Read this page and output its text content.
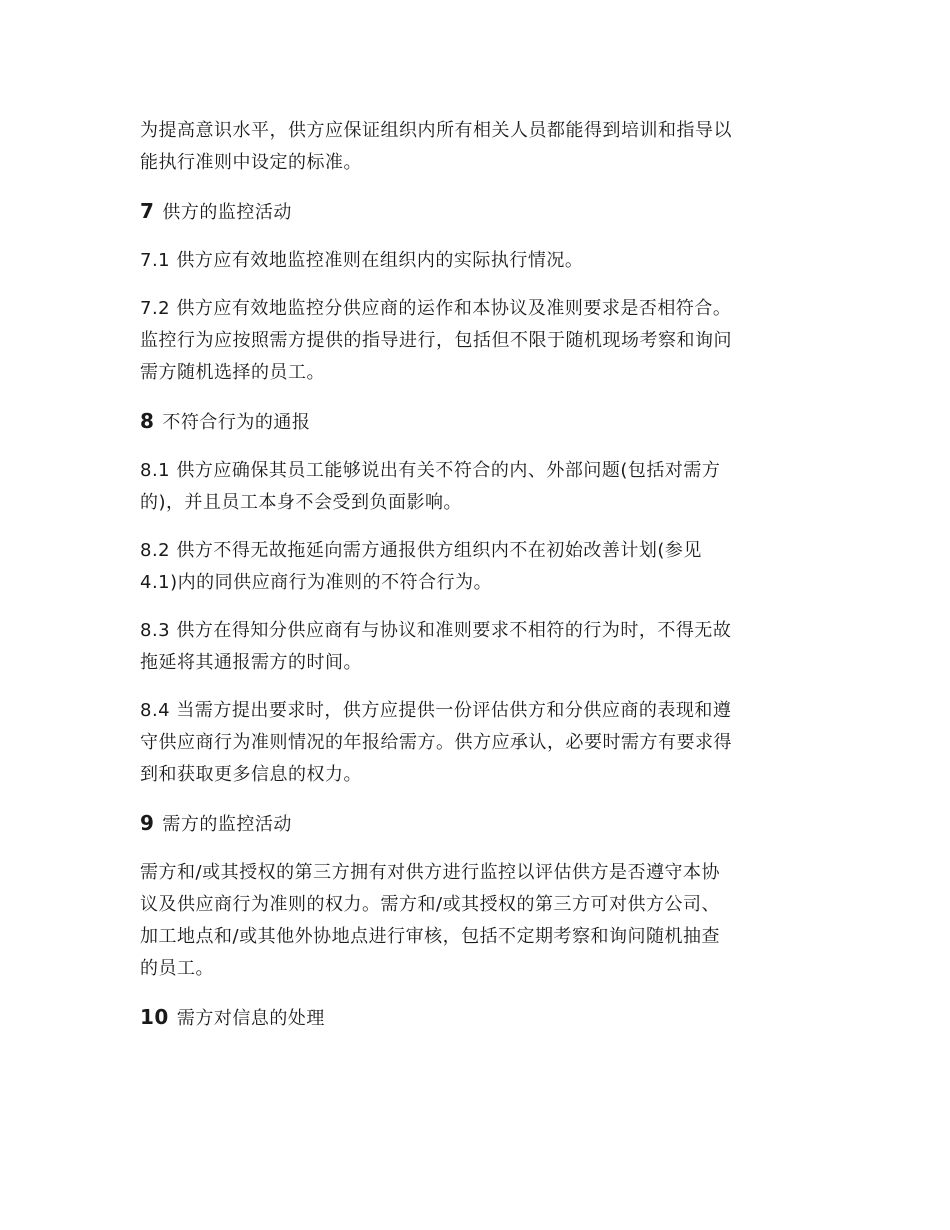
为提高意识水平，供方应保证组织内所有相关人员都能得到培训和指导以
能执行准则中设定的标准。

7 供方的监控活动

7.1 供方应有效地监控准则在组织内的实际执行情况。

7.2 供方应有效地监控分供应商的运作和本协议及准则要求是否相符合。
监控行为应按照需方提供的指导进行，包括但不限于随机现场考察和询问
需方随机选择的员工。

8 不符合行为的通报

8.1 供方应确保其员工能够说出有关不符合的内、外部问题(包括对需方
的)，并且员工本身不会受到负面影响。

8.2 供方不得无故拖延向需方通报供方组织内不在初始改善计划(参见
4.1)内的同供应商行为准则的不符合行为。

8.3 供方在得知分供应商有与协议和准则要求不相符的行为时，不得无故
拖延将其通报需方的时间。

8.4 当需方提出要求时，供方应提供一份评估供方和分供应商的表现和遵
守供应商行为准则情况的年报给需方。供方应承认，必要时需方有要求得
到和获取更多信息的权力。

9 需方的监控活动

需方和/或其授权的第三方拥有对供方进行监控以评估供方是否遵守本协
议及供应商行为准则的权力。需方和/或其授权的第三方可对供方公司、
加工地点和/或其他外协地点进行审核，包括不定期考察和询问随机抽查
的员工。

10 需方对信息的处理
